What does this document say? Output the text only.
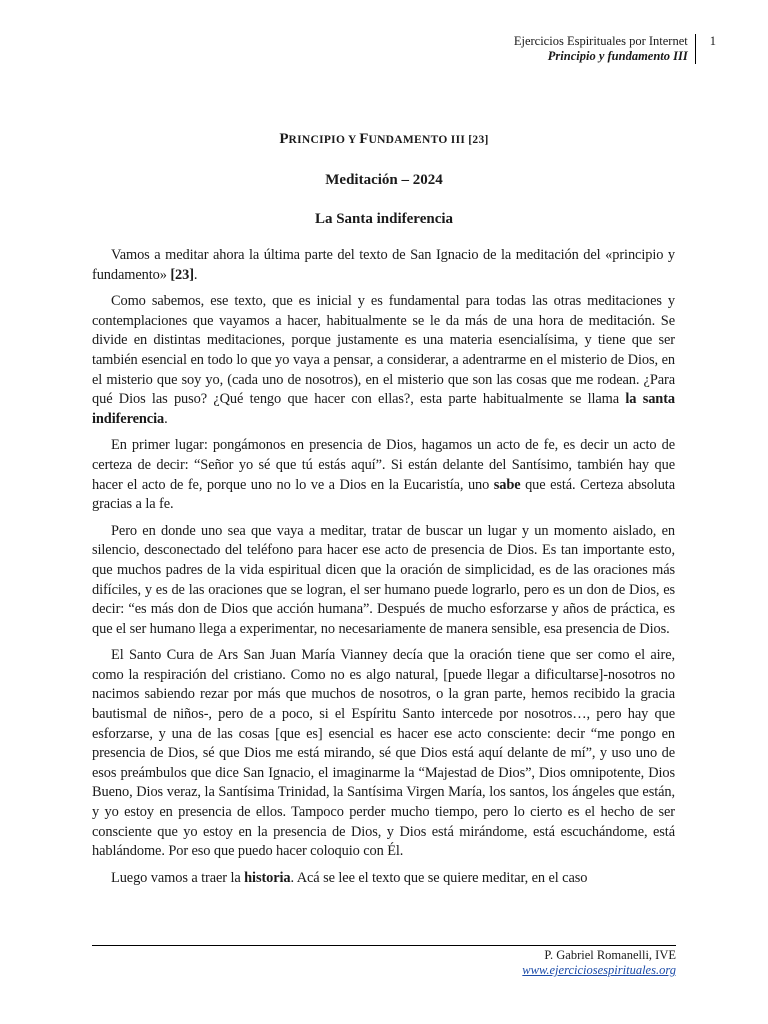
Ejercicios Espirituales por Internet
Principio y fundamento III
1
PRINCIPIO Y FUNDAMENTO III [23]
Meditación – 2024
La Santa indiferencia

Vamos a meditar ahora la última parte del texto de San Ignacio de la meditación del «principio y fundamento» [23].

Como sabemos, ese texto, que es inicial y es fundamental para todas las otras meditaciones y contemplaciones que vayamos a hacer, habitualmente se le da más de una hora de meditación. Se divide en distintas meditaciones, porque justamente es una materia esencialísima, y tiene que ser también esencial en todo lo que yo vaya a pensar, a considerar, a adentrarme en el misterio de Dios, en el misterio que soy yo, (cada uno de nosotros), en el misterio que son las cosas que me rodean. ¿Para qué Dios las puso? ¿Qué tengo que hacer con ellas?, esta parte habitualmente se llama la santa indiferencia.

En primer lugar: pongámonos en presencia de Dios, hagamos un acto de fe, es decir un acto de certeza de decir: “Señor yo sé que tú estás aquí”. Si están delante del Santísimo, también hay que hacer el acto de fe, porque uno no lo ve a Dios en la Eucaristía, uno sabe que está. Certeza absoluta gracias a la fe.

Pero en donde uno sea que vaya a meditar, tratar de buscar un lugar y un momento aislado, en silencio, desconectado del teléfono para hacer ese acto de presencia de Dios. Es tan importante esto, que muchos padres de la vida espiritual dicen que la oración de simplicidad, es de las oraciones más difíciles, y es de las oraciones que se logran, el ser humano puede lograrlo, pero es un don de Dios, es decir: “es más don de Dios que acción humana”. Después de mucho esforzarse y años de práctica, es que el ser humano llega a experimentar, no necesariamente de manera sensible, esa presencia de Dios.

El Santo Cura de Ars San Juan María Vianney decía que la oración tiene que ser como el aire, como la respiración del cristiano. Como no es algo natural, [puede llegar a dificultarse]-nosotros no nacimos sabiendo rezar por más que muchos de nosotros, o la gran parte, hemos recibido la gracia bautismal de niños-, pero de a poco, si el Espíritu Santo intercede por nosotros…, pero hay que esforzarse, y una de las cosas [que es] esencial es hacer ese acto consciente: decir “me pongo en presencia de Dios, sé que Dios me está mirando, sé que Dios está aquí delante de mí”, y uso uno de esos preámbulos que dice San Ignacio, el imaginarme la “Majestad de Dios”, Dios omnipotente, Dios Bueno, Dios veraz, la Santísima Trinidad, la Santísima Virgen María, los santos, los ángeles que están, y yo estoy en presencia de ellos. Tampoco perder mucho tiempo, pero lo cierto es el hecho de ser consciente que yo estoy en la presencia de Dios, y Dios está mirándome, está escuchándome, está hablándome. Por eso que puedo hacer coloquio con Él.

Luego vamos a traer la historia. Acá se lee el texto que se quiere meditar, en el caso

P. Gabriel Romanelli, IVE
www.ejerciciosespirituales.org
